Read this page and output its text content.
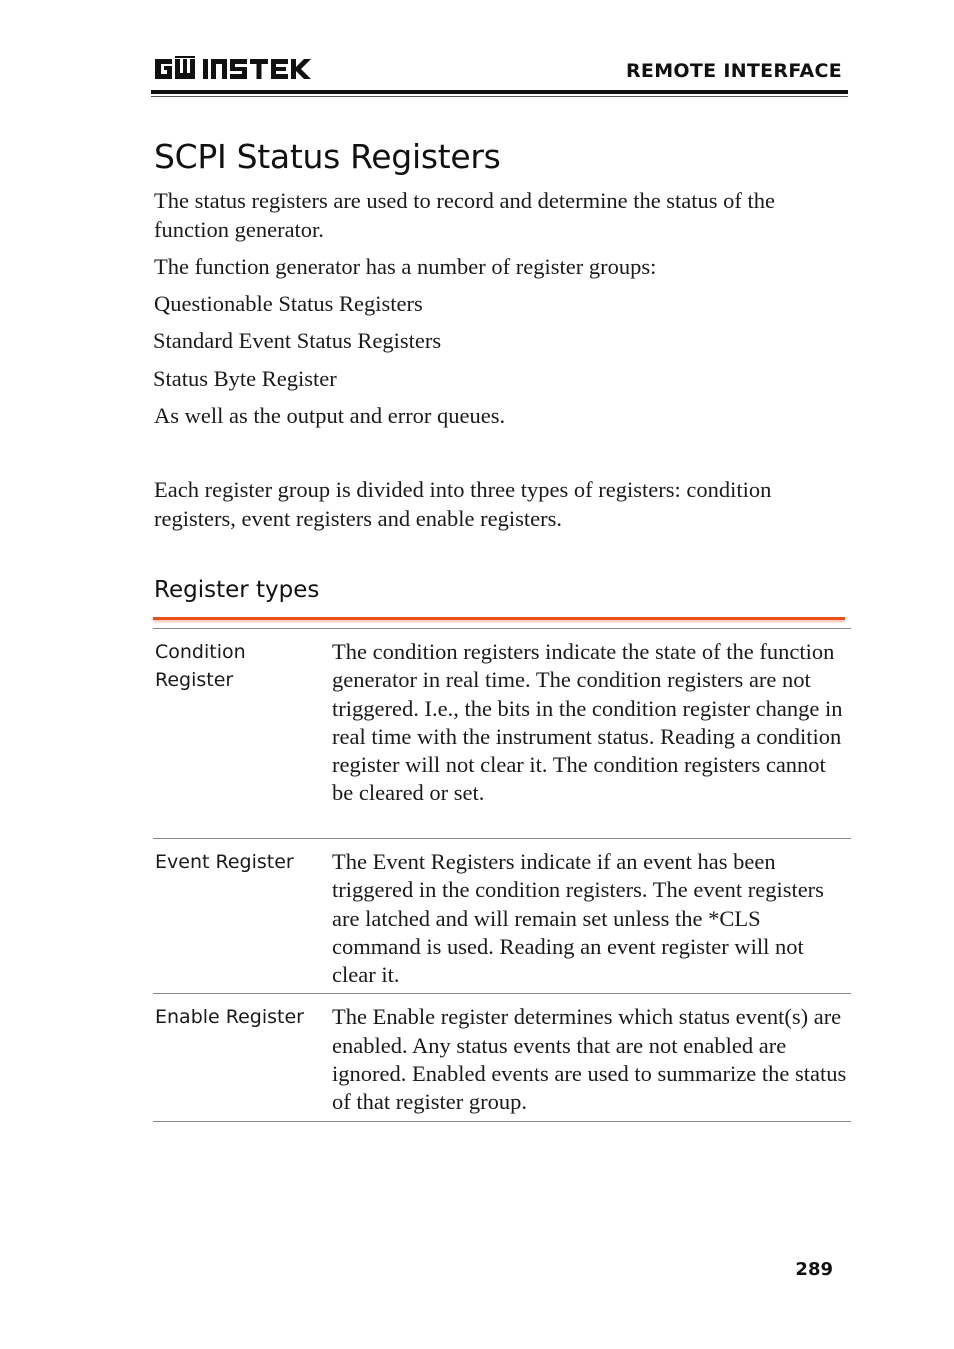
REMOTE INTERFACE
SCPI Status Registers

The status registers are used to record and determine the status of the function generator.

The function generator has a number of register groups:

Questionable Status Registers

Standard Event Status Registers

Status Byte Register

As well as the output and error queues.

Each register group is divided into three types of registers: condition registers, event registers and enable registers.

Register types
Condition Register
The condition registers indicate the state of the function generator in real time. The condition registers are not triggered. I.e., the bits in the condition register change in real time with the instrument status. Reading a condition register will not clear it. The condition registers cannot be cleared or set.
Event Register	The Event Registers indicate if an event has been triggered in the condition registers. The event registers are latched and will remain set unless the *CLS command is used. Reading an event register will not clear it.
Enable Register	The Enable register determines which status event(s) are enabled. Any status events that are not enabled are ignored. Enabled events are used to summarize the status of that register group.
289
